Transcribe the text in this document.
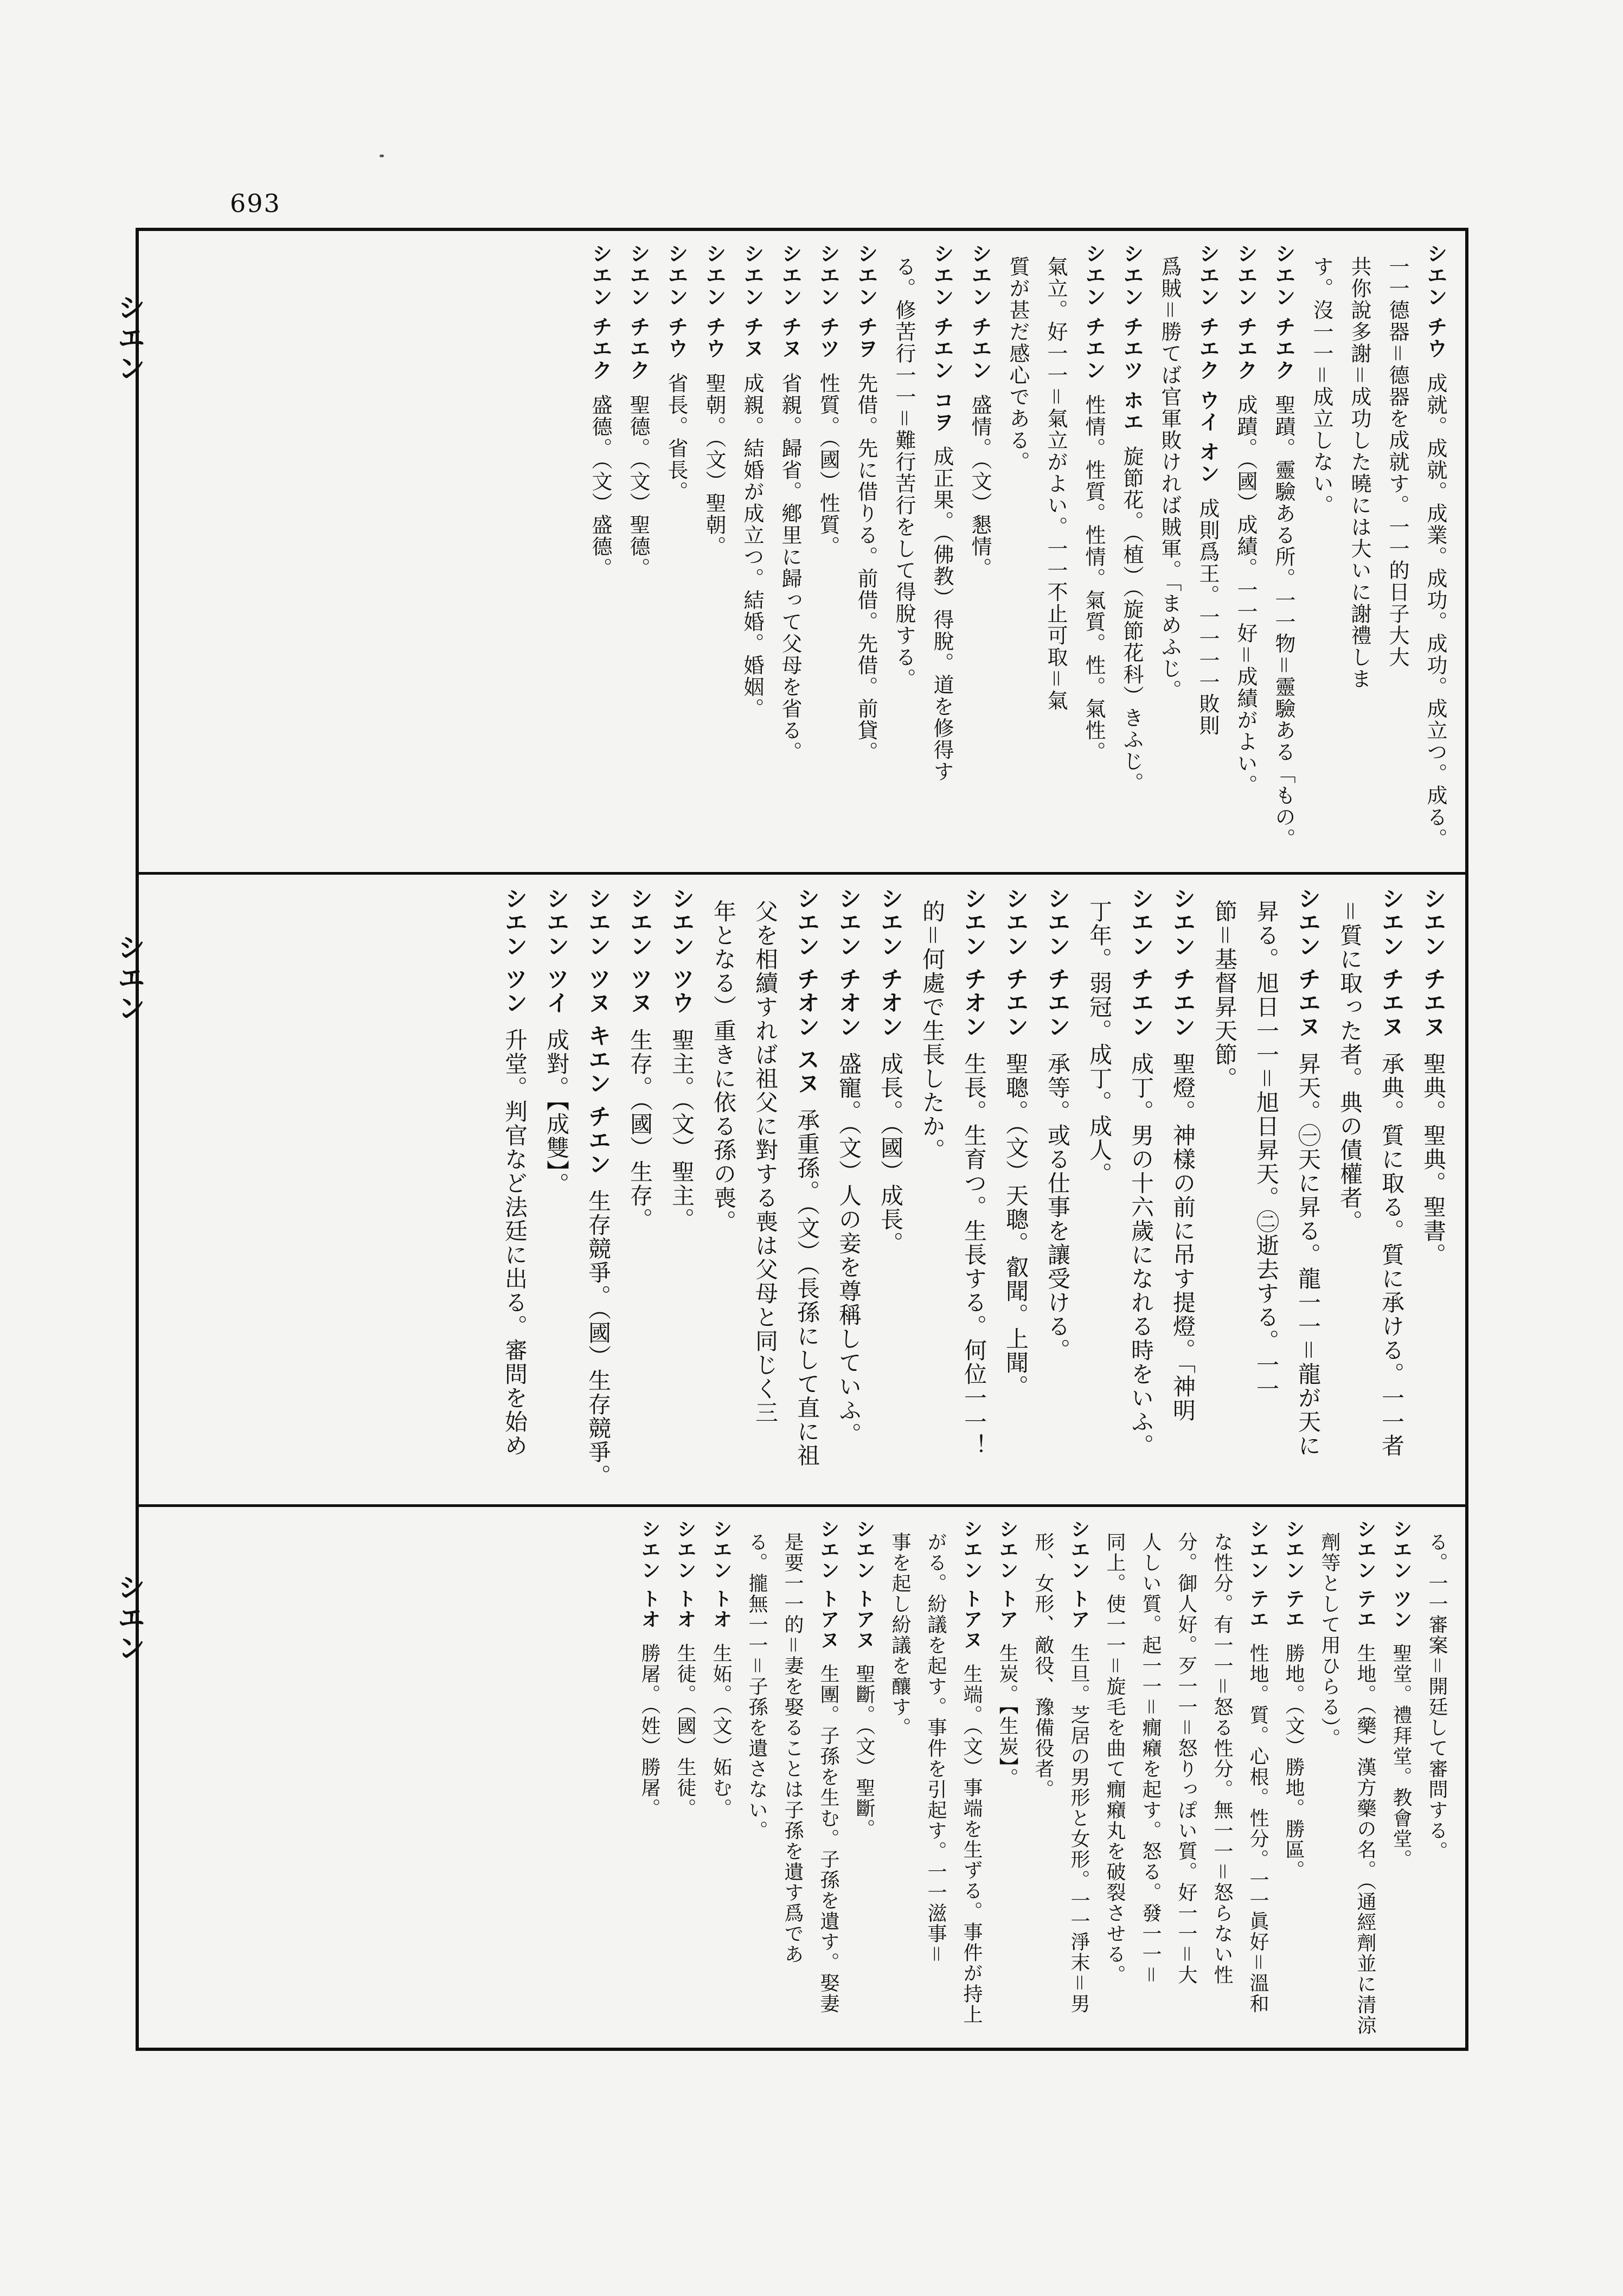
693
シエン
シエン
シエン
シエン チウ成就。成就。成業。成功。成功。成立つ。成る。
一一德器＝德器を成就す。一一的日子大大
共你說多謝＝成功した曉には大いに謝禮しま
す。沒一一＝成立しない。
シエン チエク聖蹟。靈驗ある所。一一物＝靈驗ある「もの。
シエン チエク成蹟。（國）成績。一一好＝成績がよい。
シエン チエク ウイ オン成則爲王。一一一一敗則
爲賊＝勝てば官軍敗ければ賊軍。「まめふじ。
シエン チエツ ホエ旋節花。（植）（旋節花科）きふじ。
シエン チエン性情。性質。性情。氣質。性。氣性。
氣立。好一一＝氣立がよい。一一不止可取＝氣
質が甚だ感心である。
シエン チエン盛情。（文）懇情。
シエン チエン コヲ成正果。（佛教）得脫。道を修得す
る。修苦行一一＝難行苦行をして得脫する。
シエン チヲ先借。先に借りる。前借。先借。前貸。
シエン チツ性質。（國）性質。
シエン チヌ省親。歸省。鄕里に歸って父母を省る。
シエン チヌ成親。結婚が成立つ。結婚。婚姻。
シエン チウ聖朝。（文）聖朝。
シエン チウ省長。省長。
シエン チエク聖德。（文）聖德。
シエン チエク盛德。（文）盛德。
シエン チエヌ聖典。聖典。聖書。
シエン チエヌ承典。質に取る。質に承ける。一一者
＝質に取った者。典の債權者。
シエン チエヌ昇天。㊀天に昇る。龍一一＝龍が天に
昇る。旭日一一＝旭日昇天。㊁逝去する。一一
節＝基督昇天節。
シエン チエン聖燈。神樣の前に吊す提燈。「神明
シエン チエン成丁。男の十六歲になれる時をいふ。
丁年。弱冠。成丁。成人。
シエン チエン承等。或る仕事を讓受ける。
シエン チエン聖聰。（文）天聰。叡聞。上聞。
シエン チオン生長。生育つ。生長する。何位一一！
的＝何處で生長したか。
シエン チオン成長。（國）成長。
シエン チオン盛寵。（文）人の妾を尊稱していふ。
シエン チオン スヌ承重孫。（文）（長孫にして直に祖
父を相續すれば祖父に對する喪は父母と同じく三
年となる）重きに依る孫の喪。
シエン ツウ聖主。（文）聖主。
シエン ツヌ生存。（國）生存。
シエン ツヌ キエン チエン生存競爭。（國）生存競爭。
シエン ツイ成對。【成雙】。
シエン ツン升堂。判官など法廷に出る。審問を始め
る。一一審案＝開廷して審問する。
シエン ツン聖堂。禮拜堂。教會堂。
シエン テエ生地。（藥）漢方藥の名。（通經劑並に清涼
劑等として用ひらる）。
シエン テエ勝地。（文）勝地。勝區。
シエン テエ性地。質。心根。性分。一一眞好＝溫和
な性分。有一一＝怒る性分。無一一＝怒らない性
分。御人好。歹一一＝怒りっぽい質。好一一＝大
人しい質。起一一＝癇癪を起す。怒る。發一一＝
同上。使一一＝旋毛を曲て癇癪丸を破裂させる。
シエン トア生旦。芝居の男形と女形。一一淨末＝男
形、女形、敵役、豫備役者。
シエン トア生炭。【生炭】。
シエン トアヌ生端。（文）事端を生ずる。事件が持上
がる。紛議を起す。事件を引起す。一一滋事＝
事を起し紛議を釀す。
シエン トアヌ聖斷。（文）聖斷。
シエン トアヌ生團。子孫を生む。子孫を遺す。娶妻
是要一一的＝妻を娶ることは子孫を遺す爲であ
る。攏無一一＝子孫を遺さない。
シエン トオ生妬。（文）妬む。
シエン トオ生徒。（國）生徒。
シエン トオ勝屠。（姓）勝屠。
